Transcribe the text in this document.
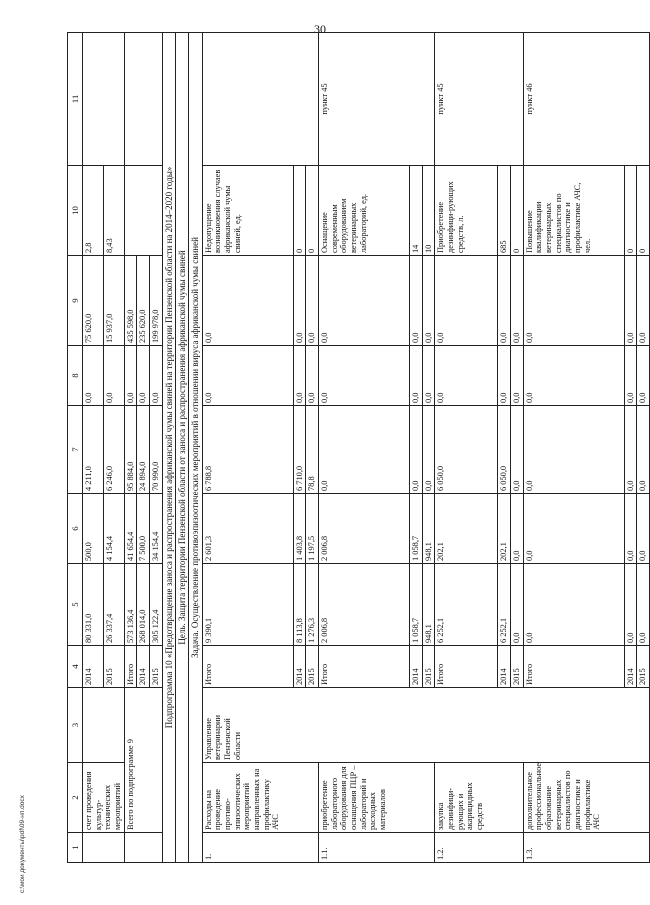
30
1	2	3	4	5	6	7	8	9	10	11
	счет проведения культур-технических мероприятий		2014	80 331,0	500,0	4 211,0	0,0	75 620,0	2,8	
			2015	26 337,4	4 154,4	6 246,0	0,0	15 937,0	8,43	
	Всего по подпрограмме 9		Итого	573 136,4	41 654,4	95 884,0	0,0	435 598,0		
			2014	268 014,0	7 500,0	24 894,0	0,0	235 620,0		
			2015	305 122,4	34 154,4	70 990,0	0,0	199 978,0		
Подпрограмма 10 «Предотвращение заноса и распространения африканской чумы свиней на территории Пензенской области на 2014–2020 годы»										
Цель. Защита территории Пензенской области от заноса и распространения африканской чумы свиней										
Задача. Осуществление противоэпизоотических мероприятий в отношении вируса африканской чумы свиней										
1.	Расходы на проведение противо-эпизоотических мероприятий направленных на профилактику АЧС	Управление ветеринарии Пензенской области	Итого	9 390,1	2 601,3	6 788,8	0,0	0,0	Недопущение возникновения случаев африканской чумы свиней, ед.	
			2014	8 113,8	1 403,8	6 710,0	0,0	0,0	0	
			2015	1 276,3	1 197,5	78,8	0,0	0,0	0	
1.1.	приобретение лабораторного оборудования для оснащения ПЦР – лабораторий и расходных материалов		Итого	2 006,8	2 006,8	0,0	0,0	0,0	Оснащение современным оборудованием ветеринарных лабораторий, ед.	пункт 45
			2014	1 058,7	1 058,7	0,0	0,0	0,0	14	
			2015	948,1	948,1	0,0	0,0	0,0	10	
1.2.	закупка дезинфици-рующих и акарицидных средств		Итого	6 252,1	202,1	6 050,0	0,0	0,0	Приобретение дезинфици-рующих средств, л.	пункт 45
			2014	6 252,1	202,1	6 050,0	0,0	0,0	685	
			2015	0,0	0,0	0,0	0,0	0,0	0	
1.3.	дополнительное профессиональное образование ветеринарных специалистов по диагностике и профилактике АЧС		Итого	0,0	0,0	0,0	0,0	0,0	Повышение квалификации ветеринарных специалистов по диагностике и профилактике АЧС, чел.	пункт 46
			2014	0,0	0,0	0,0	0,0	0,0	0	
			2015	0,0	0,0	0,0	0,0	0,0	0	
c:\мои документы\pdf\09-нп.docx
